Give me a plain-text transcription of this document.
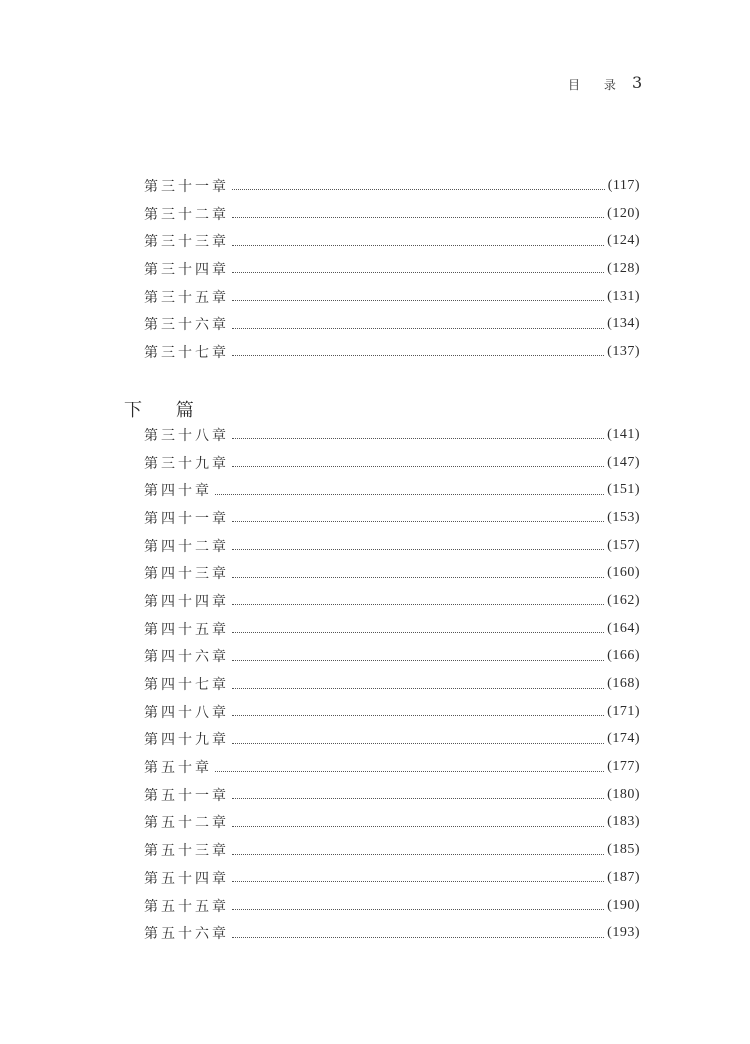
目 录 3
第三十一章	(117)
第三十二章	(120)
第三十三章	(124)
第三十四章	(128)
第三十五章	(131)
第三十六章	(134)
第三十七章	(137)
下 篇
第三十八章	(141)
第三十九章	(147)
第四十章	(151)
第四十一章	(153)
第四十二章	(157)
第四十三章	(160)
第四十四章	(162)
第四十五章	(164)
第四十六章	(166)
第四十七章	(168)
第四十八章	(171)
第四十九章	(174)
第五十章	(177)
第五十一章	(180)
第五十二章	(183)
第五十三章	(185)
第五十四章	(187)
第五十五章	(190)
第五十六章	(193)
